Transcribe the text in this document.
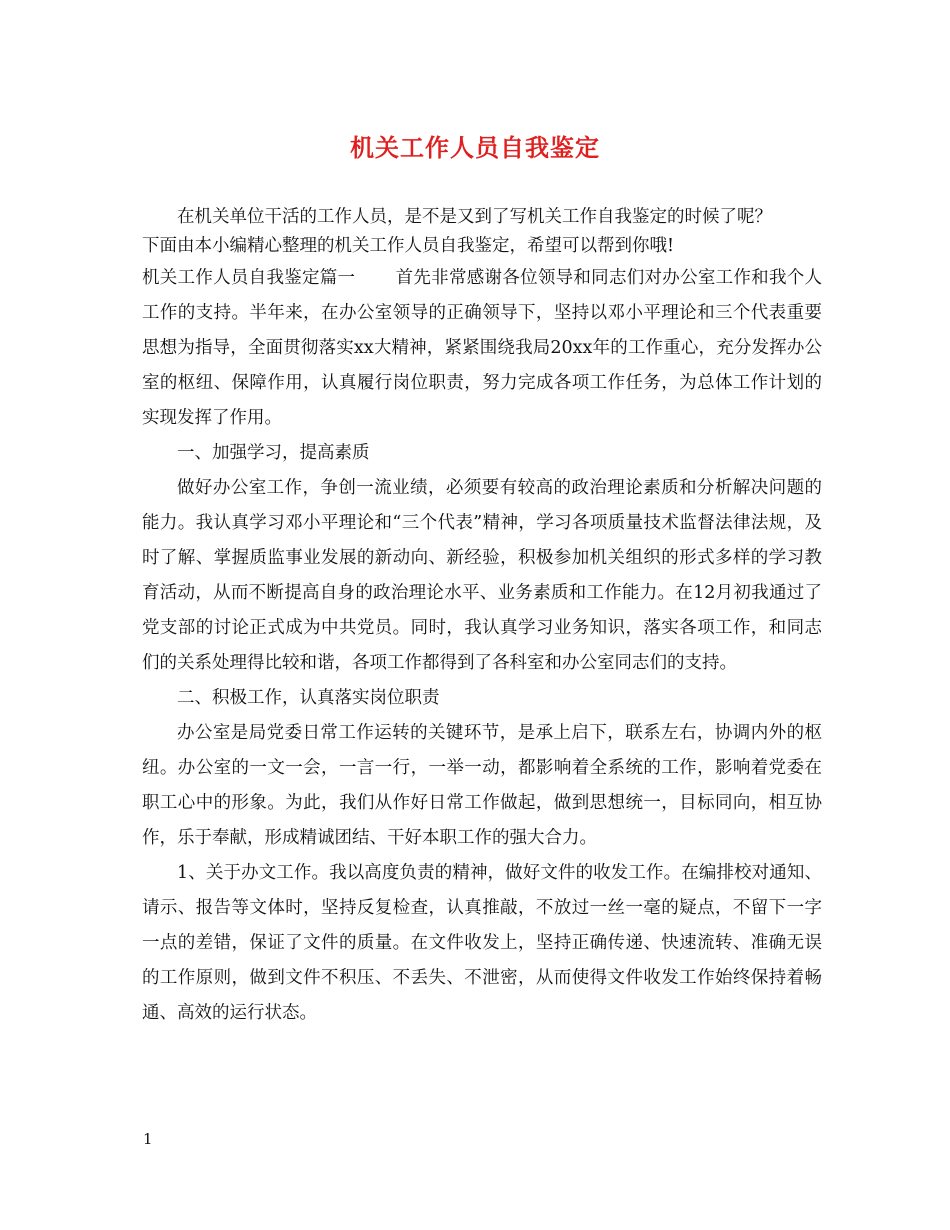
机关工作人员自我鉴定

在机关单位干活的工作人员，是不是又到了写机关工作自我鉴定的时候了呢？

下面由本小编精心整理的机关工作人员自我鉴定，希望可以帮到你哦!

机关工作人员自我鉴定篇一 首先非常感谢各位领导和同志们对办公室工作和我个人工作的支持。半年来，在办公室领导的正确领导下，坚持以邓小平理论和三个代表重要思想为指导，全面贯彻落实xx大精神，紧紧围绕我局20xx年的工作重心，充分发挥办公室的枢纽、保障作用，认真履行岗位职责，努力完成各项工作任务，为总体工作计划的实现发挥了作用。

一、加强学习，提高素质

做好办公室工作，争创一流业绩，必须要有较高的政治理论素质和分析解决问题的能力。我认真学习邓小平理论和“三个代表”精神，学习各项质量技术监督法律法规，及时了解、掌握质监事业发展的新动向、新经验，积极参加机关组织的形式多样的学习教育活动，从而不断提高自身的政治理论水平、业务素质和工作能力。在12月初我通过了党支部的讨论正式成为中共党员。同时，我认真学习业务知识，落实各项工作，和同志们的关系处理得比较和谐，各项工作都得到了各科室和办公室同志们的支持。

二、积极工作，认真落实岗位职责

办公室是局党委日常工作运转的关键环节，是承上启下，联系左右，协调内外的枢纽。办公室的一文一会，一言一行，一举一动，都影响着全系统的工作，影响着党委在职工心中的形象。为此，我们从作好日常工作做起，做到思想统一，目标同向，相互协作，乐于奉献，形成精诚团结、干好本职工作的强大合力。

1、关于办文工作。我以高度负责的精神，做好文件的收发工作。在编排校对通知、请示、报告等文体时，坚持反复检查，认真推敲，不放过一丝一毫的疑点，不留下一字一点的差错，保证了文件的质量。在文件收发上，坚持正确传递、快速流转、准确无误的工作原则，做到文件不积压、不丢失、不泄密，从而使得文件收发工作始终保持着畅通、高效的运行状态。

1
